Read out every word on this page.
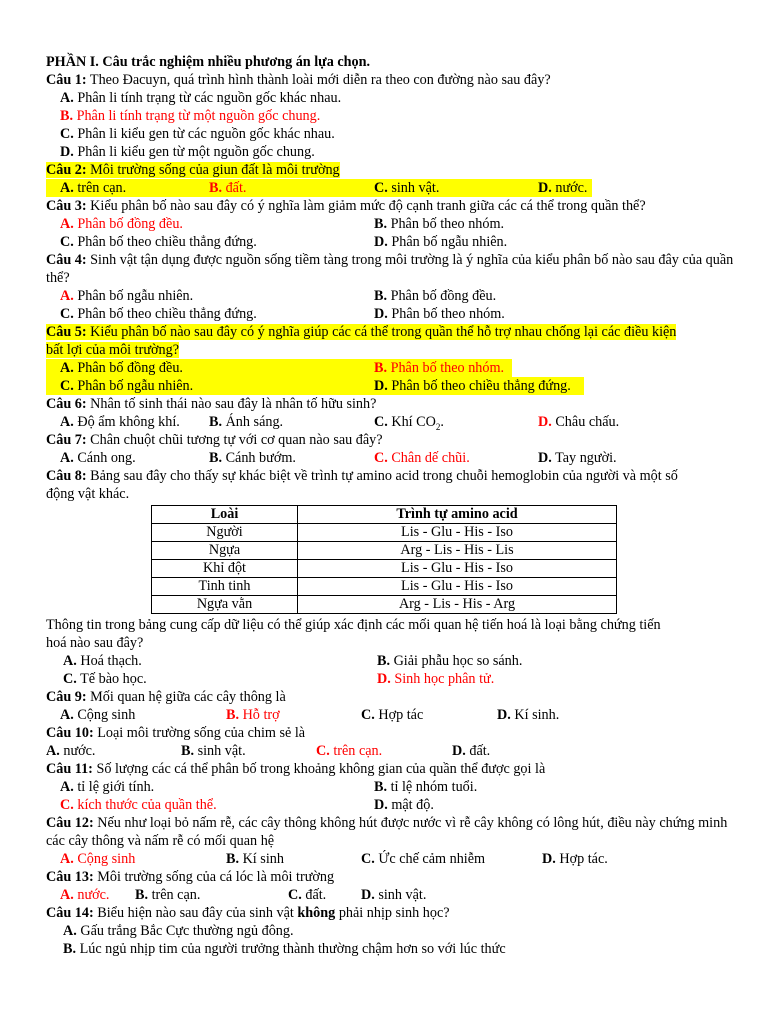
PHẦN I. Câu trắc nghiệm nhiều phương án lựa chọn.
Câu 1: Theo Đacuyn, quá trình hình thành loài mới diễn ra theo con đường nào sau đây?
A. Phân li tính trạng từ các nguồn gốc khác nhau.
B. Phân li tính trạng từ một nguồn gốc chung.
C. Phân li kiểu gen từ các nguồn gốc khác nhau.
D. Phân li kiểu gen từ một nguồn gốc chung.
Câu 2: Môi trường sống của giun đất là môi trường
A. trên cạn.	B. đất.	C. sinh vật.	D. nước.
Câu 3: Kiểu phân bố nào sau đây có ý nghĩa làm giảm mức độ cạnh tranh giữa các cá thể trong quần thể?
A. Phân bố đồng đều.	B. Phân bố theo nhóm.
C. Phân bố theo chiều thẳng đứng.	D. Phân bố ngẫu nhiên.
Câu 4: Sinh vật tận dụng được nguồn sống tiềm tàng trong môi trường là ý nghĩa của kiểu phân bố nào sau đây của quần thể?
A. Phân bố ngẫu nhiên.	B. Phân bố đồng đều.
C. Phân bố theo chiều thẳng đứng.	D. Phân bố theo nhóm.
Câu 5: Kiểu phân bố nào sau đây có ý nghĩa giúp các cá thể trong quần thể hỗ trợ nhau chống lại các điều kiện
bất lợi của môi trường?
A. Phân bố đồng đều.	B. Phân bố theo nhóm.
C. Phân bố ngẫu nhiên.	D. Phân bố theo chiều thẳng đứng.
Câu 6: Nhân tố sinh thái nào sau đây là nhân tố hữu sinh?
A. Độ ẩm không khí. B. Ánh sáng.	C. Khí $CO_2$.	D. Châu chấu.
Câu 7: Chân chuột chũi tương tự với cơ quan nào sau đây?
A. Cánh ong.	B. Cánh bướm.	C. Chân dế chũi.	D. Tay người.
Câu 8: Bảng sau đây cho thấy sự khác biệt về trình tự amino acid trong chuỗi hemoglobin của người và một số
động vật khác.
Loài	Trình tự amino acid
Người	Lis - Glu - His - Iso
Ngựa	Arg - Lis - His - Lis
Khỉ đột	Lis - Glu - His - Iso
Tinh tinh	Lis - Glu - His - Iso
Ngựa vằn	Arg - Lis - His - Arg
Thông tin trong bảng cung cấp dữ liệu có thể giúp xác định các mối quan hệ tiến hoá là loại bằng chứng tiến
hoá nào sau đây?
A. Hoá thạch.	B. Giải phẫu học so sánh.
C. Tế bào học.	D. Sinh học phân tử.
Câu 9: Mối quan hệ giữa các cây thông là
A. Cộng sinh	B. Hỗ trợ	C. Hợp tác	D. Kí sinh.
Câu 10: Loại môi trường sống của chim sẻ là
A. nước.	B. sinh vật.	C. trên cạn.	D. đất.
Câu 11: Số lượng các cá thể phân bố trong khoảng không gian của quần thể được gọi là
A. tỉ lệ giới tính.	B. tỉ lệ nhóm tuổi.
C. kích thước của quần thể.	D. mật độ.
Câu 12: Nếu như loại bỏ nấm rễ, các cây thông không hút được nước vì rễ cây không có lông hút, điều này chứng minh
các cây thông và nấm rễ có mối quan hệ
A. Cộng sinh	B. Kí sinh	C. Ức chế cảm nhiễm	D. Hợp tác.
Câu 13: Môi trường sống của cá lóc là môi trường
A. nước. B. trên cạn.	C. đất. D. sinh vật.
Câu 14: Biểu hiện nào sau đây của sinh vật không phải nhịp sinh học?
A. Gấu trắng Bắc Cực thường ngủ đông.
B. Lúc ngủ nhịp tim của người trưởng thành thường chậm hơn so với lúc thức
